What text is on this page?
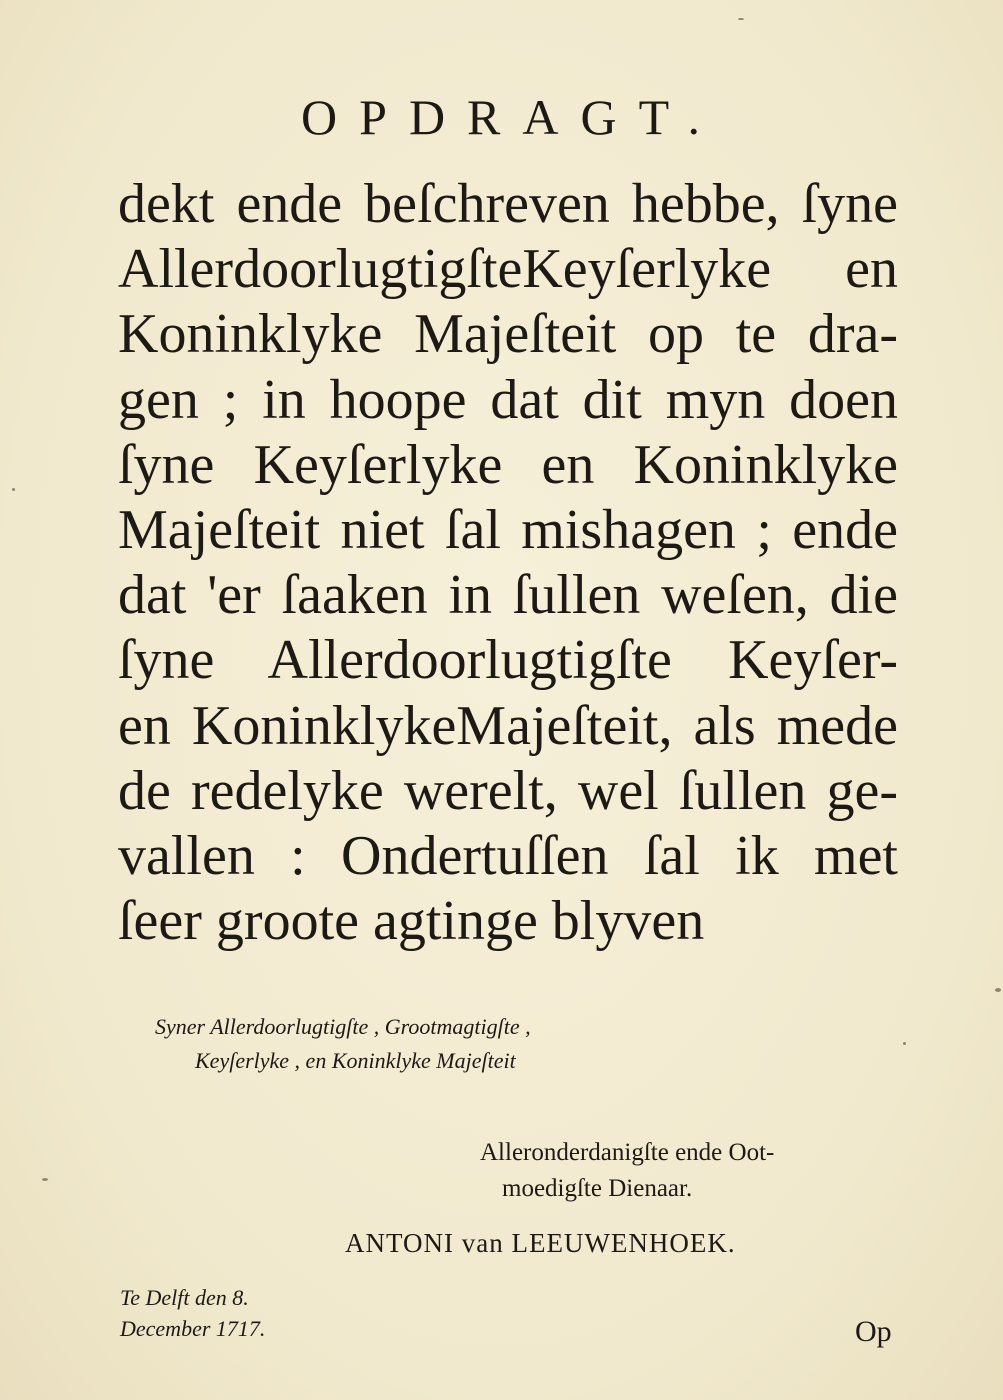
OPDRAGT.
dekt ende beſchreven hebbe, ſyne
AllerdoorlugtigſteKeyſerlyke en
Koninklyke Majeſteit op te dra-
gen ; in hoope dat dit myn doen
ſyne Keyſerlyke en Koninklyke
Majeſteit niet ſal mishagen ; ende
dat 'er ſaaken in ſullen weſen, die
ſyne Allerdoorlugtigſte Keyſer-
en KoninklykeMajeſteit, als mede
de redelyke werelt, wel ſullen ge-
vallen : Ondertuſſen ſal ik met
ſeer groote agtinge blyven
Syner Allerdoorlugtigſte , Grootmagtigſte ,
Keyſerlyke , en Koninklyke Majeſteit
Alleronderdanigſte ende Oot-
moedigſte Dienaar.
ANTONI van LEEUWENHOEK.
Te Delft den 8.
December 1717.	Op
